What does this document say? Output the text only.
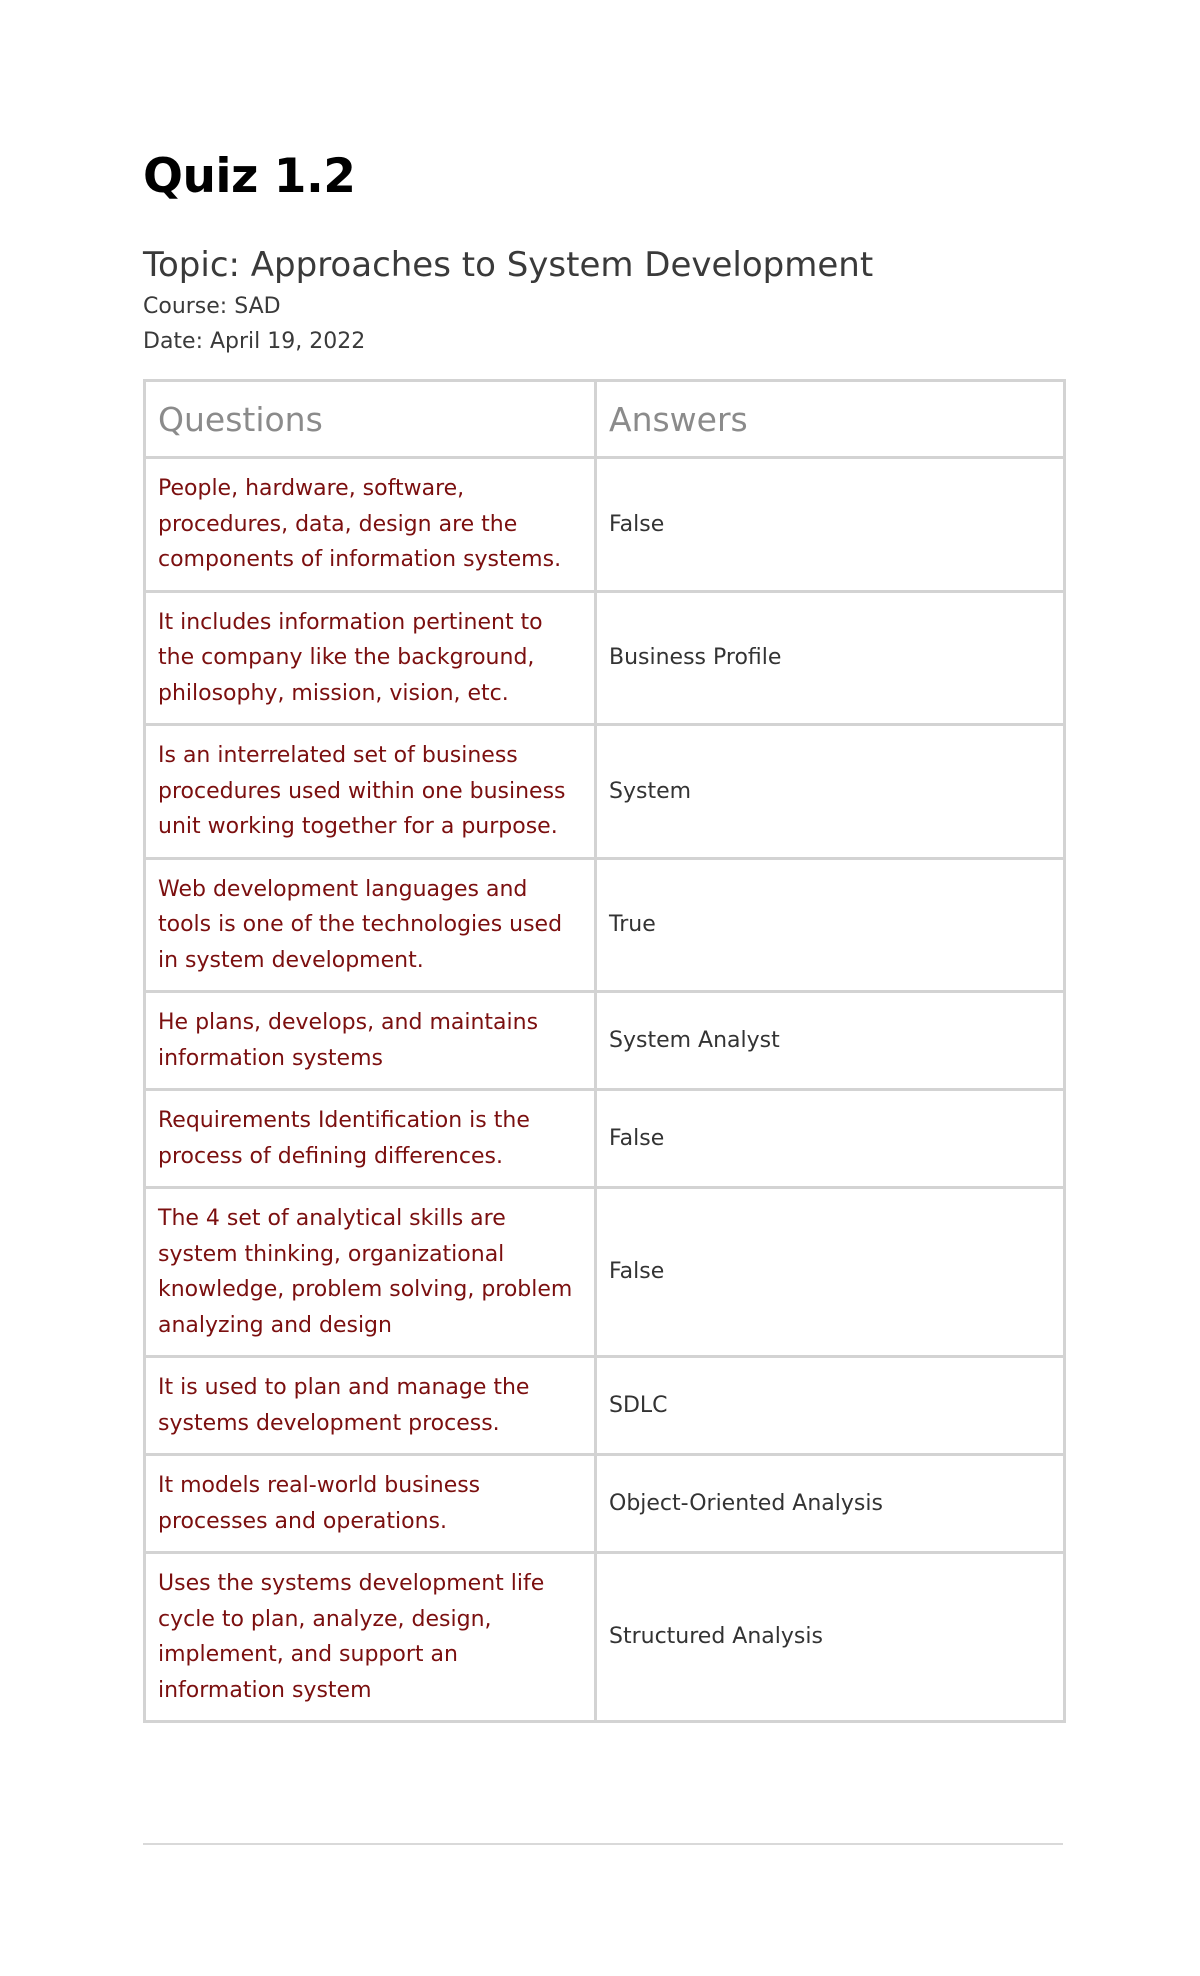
Quiz 1.2
Topic: Approaches to System Development
Course: SAD
Date: April 19, 2022
Questions	Answers
People, hardware, software, procedures, data, design are the components of information systems.	False
It includes information pertinent to the company like the background, philosophy, mission, vision, etc.	Business Profile
Is an interrelated set of business procedures used within one business unit working together for a purpose.	System
Web development languages and tools is one of the technologies used in system development.	True
He plans, develops, and maintains information systems	System Analyst
Requirements Identification is the process of defining differences.	False
The 4 set of analytical skills are system thinking, organizational knowledge, problem solving, problem analyzing and design	False
It is used to plan and manage the systems development process.	SDLC
It models real-world business processes and operations.	Object-Oriented Analysis
Uses the systems development life cycle to plan, analyze, design, implement, and support an information system	Structured Analysis
